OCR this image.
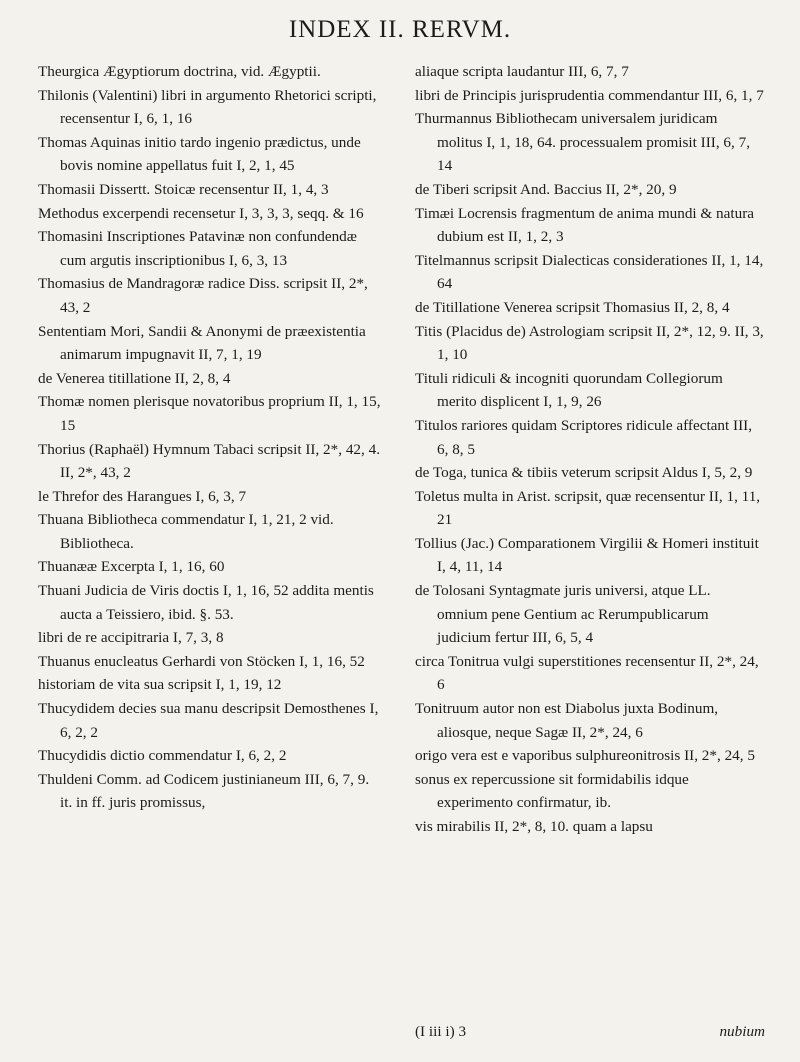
INDEX II. RERVM.
Theurgica Ægyptiorum doctrina, vid. Ægyptii.
Thilonis (Valentini) libri in argumento Rhetorici scripti, recensentur I, 6, 1, 16
Thomas Aquinas initio tardo ingenio prædictus, unde bovis nomine appellatus fuit I, 2, 1, 45
Thomasii Dissertt. Stoicæ recensentur II, 1, 4, 3
Methodus excerpendi recensetur I, 3, 3, 3, seqq. & 16
Thomasini Inscriptiones Patavinæ non confundendæ cum argutis inscriptionibus I, 6, 3, 13
Thomasius de Mandragoræ radice Diss. scripsit II, 2*, 43, 2
Sententiam Mori, Sandii & Anonymi de præexistentia animarum impugnavit II, 7, 1, 19
de Venerea titillatione II, 2, 8, 4
Thomæ nomen plerisque novatoribus proprium II, 1, 15, 15
Thorius (Raphaël) Hymnum Tabaci scripsit II, 2*, 42, 4. II, 2*, 43, 2
le Threfor des Harangues I, 6, 3, 7
Thuana Bibliotheca commendatur I, 1, 21, 2 vid. Bibliotheca.
Thuanææ Excerpta I, 1, 16, 60
Thuani Judicia de Viris doctis I, 1, 16, 52 addita mentis aucta a Teissiero, ibid. §. 53.
libri de re accipitraria I, 7, 3, 8
Thuanus enucleatus Gerhardi von Stöcken I, 1, 16, 52
historiam de vita sua scripsit I, 1, 19, 12
Thucydidem decies sua manu descripsit Demosthenes I, 6, 2, 2
Thucydidis dictio commendatur I, 6, 2, 2
Thuldeni Comm. ad Codicem justinianeum III, 6, 7, 9. it. in ff. juris promissus,
aliaque scripta laudantur III, 6, 7, 7
libri de Principis jurisprudentia commendantur III, 6, 1, 7
Thurmannus Bibliothecam universalem juridicam molitus I, 1, 18, 64. processualem promisit III, 6, 7, 14
de Tiberi scripsit And. Baccius II, 2*, 20, 9
Timæi Locrensis fragmentum de anima mundi & natura dubium est II, 1, 2, 3
Titelmannus scripsit Dialecticas considerationes II, 1, 14, 64
de Titillatione Venerea scripsit Thomasius II, 2, 8, 4
Titis (Placidus de) Astrologiam scripsit II, 2*, 12, 9. II, 3, 1, 10
Tituli ridiculi & incogniti quorundam Collegiorum merito displicent I, 1, 9, 26
Titulos rariores quidam Scriptores ridicule affectant III, 6, 8, 5
de Toga, tunica & tibiis veterum scripsit Aldus I, 5, 2, 9
Toletus multa in Arist. scripsit, quæ recensentur II, 1, 11, 21
Tollius (Jac.) Comparationem Virgilii & Homeri instituit I, 4, 11, 14
de Tolosani Syntagmate juris universi, atque LL. omnium pene Gentium ac Rerumpublicarum judicium fertur III, 6, 5, 4
circa Tonitrua vulgi superstitiones recensentur II, 2*, 24, 6
Tonitruum autor non est Diabolus juxta Bodinum, aliosque, neque Sagæ II, 2*, 24, 6
origo vera est e vaporibus sulphureonitrosis II, 2*, 24, 5
sonus ex repercussione sit formidabilis idque experimento confirmatur, ib.
vis mirabilis II, 2*, 8, 10. quam a lapsu
(I iii i) 3	nubium
